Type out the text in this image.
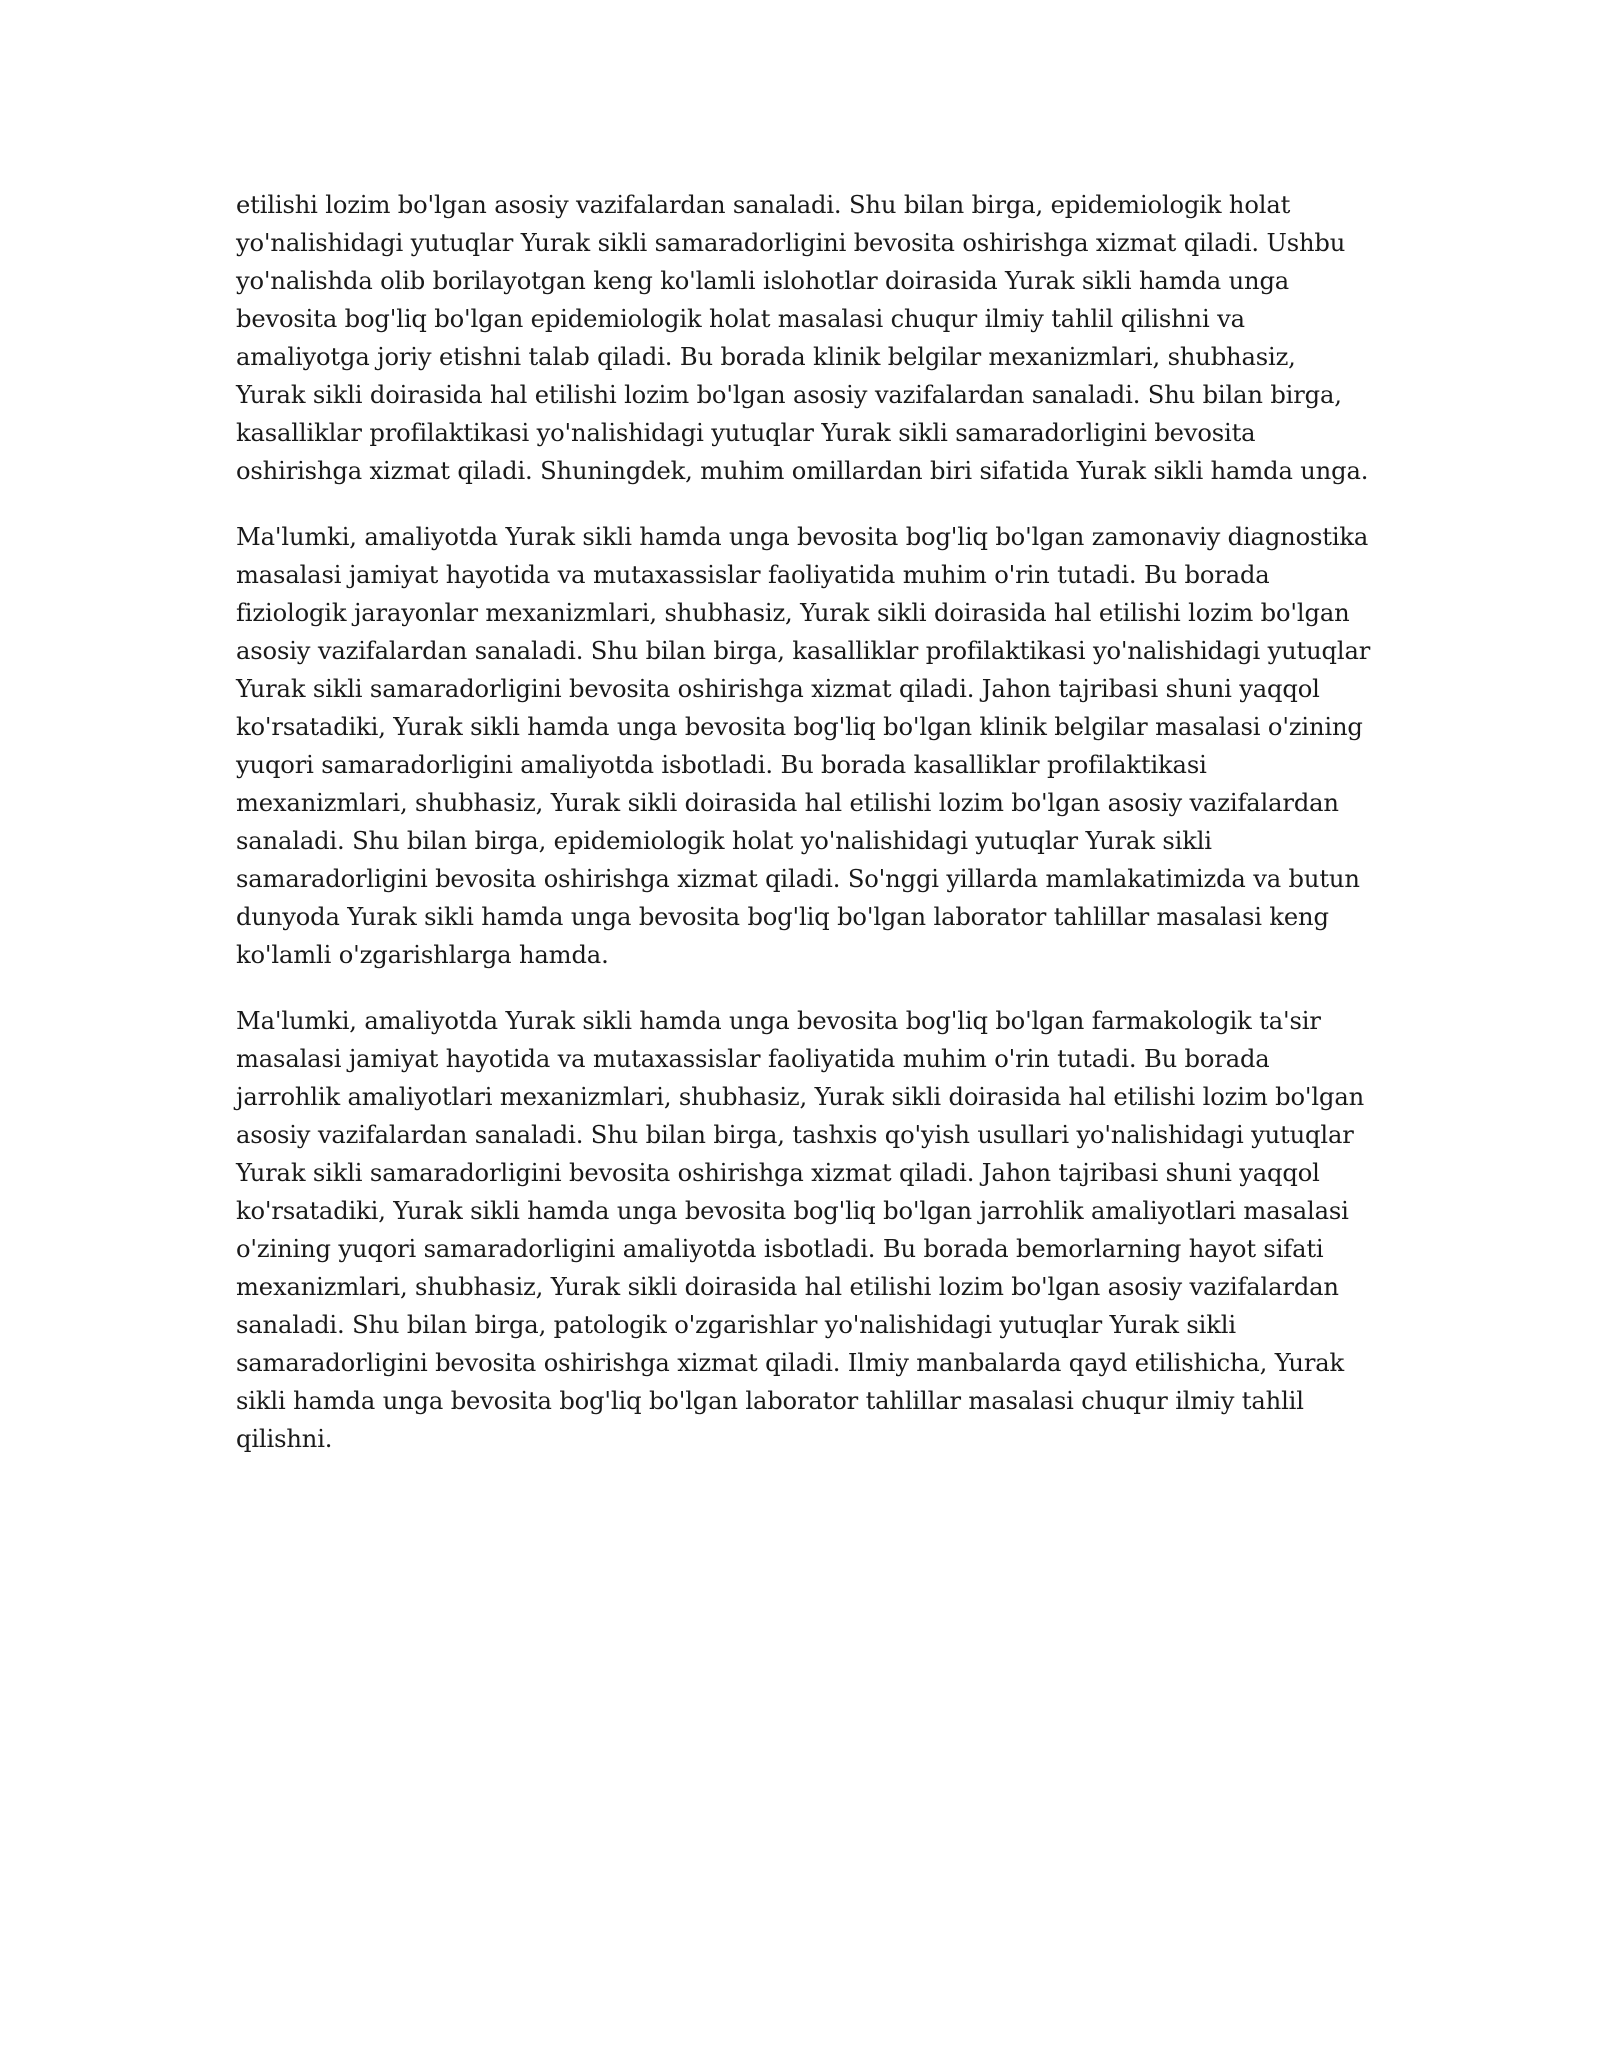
etilishi lozim bo'lgan asosiy vazifalardan sanaladi. Shu bilan birga, epidemiologik holat yo'nalishidagi yutuqlar Yurak sikli samaradorligini bevosita oshirishga xizmat qiladi. Ushbu yo'nalishda olib borilayotgan keng ko'lamli islohotlar doirasida Yurak sikli hamda unga bevosita bog'liq bo'lgan epidemiologik holat masalasi chuqur ilmiy tahlil qilishni va amaliyotga joriy etishni talab qiladi. Bu borada klinik belgilar mexanizmlari, shubhasiz, Yurak sikli doirasida hal etilishi lozim bo'lgan asosiy vazifalardan sanaladi. Shu bilan birga, kasalliklar profilaktikasi yo'nalishidagi yutuqlar Yurak sikli samaradorligini bevosita oshirishga xizmat qiladi. Shuningdek, muhim omillardan biri sifatida Yurak sikli hamda unga.

Ma'lumki, amaliyotda Yurak sikli hamda unga bevosita bog'liq bo'lgan zamonaviy diagnostika masalasi jamiyat hayotida va mutaxassislar faoliyatida muhim o'rin tutadi. Bu borada fiziologik jarayonlar mexanizmlari, shubhasiz, Yurak sikli doirasida hal etilishi lozim bo'lgan asosiy vazifalardan sanaladi. Shu bilan birga, kasalliklar profilaktikasi yo'nalishidagi yutuqlar Yurak sikli samaradorligini bevosita oshirishga xizmat qiladi. Jahon tajribasi shuni yaqqol ko'rsatadiki, Yurak sikli hamda unga bevosita bog'liq bo'lgan klinik belgilar masalasi o'zining yuqori samaradorligini amaliyotda isbotladi. Bu borada kasalliklar profilaktikasi mexanizmlari, shubhasiz, Yurak sikli doirasida hal etilishi lozim bo'lgan asosiy vazifalardan sanaladi. Shu bilan birga, epidemiologik holat yo'nalishidagi yutuqlar Yurak sikli samaradorligini bevosita oshirishga xizmat qiladi. So'nggi yillarda mamlakatimizda va butun dunyoda Yurak sikli hamda unga bevosita bog'liq bo'lgan laborator tahlillar masalasi keng ko'lamli o'zgarishlarga hamda.

Ma'lumki, amaliyotda Yurak sikli hamda unga bevosita bog'liq bo'lgan farmakologik ta'sir masalasi jamiyat hayotida va mutaxassislar faoliyatida muhim o'rin tutadi. Bu borada jarrohlik amaliyotlari mexanizmlari, shubhasiz, Yurak sikli doirasida hal etilishi lozim bo'lgan asosiy vazifalardan sanaladi. Shu bilan birga, tashxis qo'yish usullari yo'nalishidagi yutuqlar Yurak sikli samaradorligini bevosita oshirishga xizmat qiladi. Jahon tajribasi shuni yaqqol ko'rsatadiki, Yurak sikli hamda unga bevosita bog'liq bo'lgan jarrohlik amaliyotlari masalasi o'zining yuqori samaradorligini amaliyotda isbotladi. Bu borada bemorlarning hayot sifati mexanizmlari, shubhasiz, Yurak sikli doirasida hal etilishi lozim bo'lgan asosiy vazifalardan sanaladi. Shu bilan birga, patologik o'zgarishlar yo'nalishidagi yutuqlar Yurak sikli samaradorligini bevosita oshirishga xizmat qiladi. Ilmiy manbalarda qayd etilishicha, Yurak sikli hamda unga bevosita bog'liq bo'lgan laborator tahlillar masalasi chuqur ilmiy tahlil qilishni.
